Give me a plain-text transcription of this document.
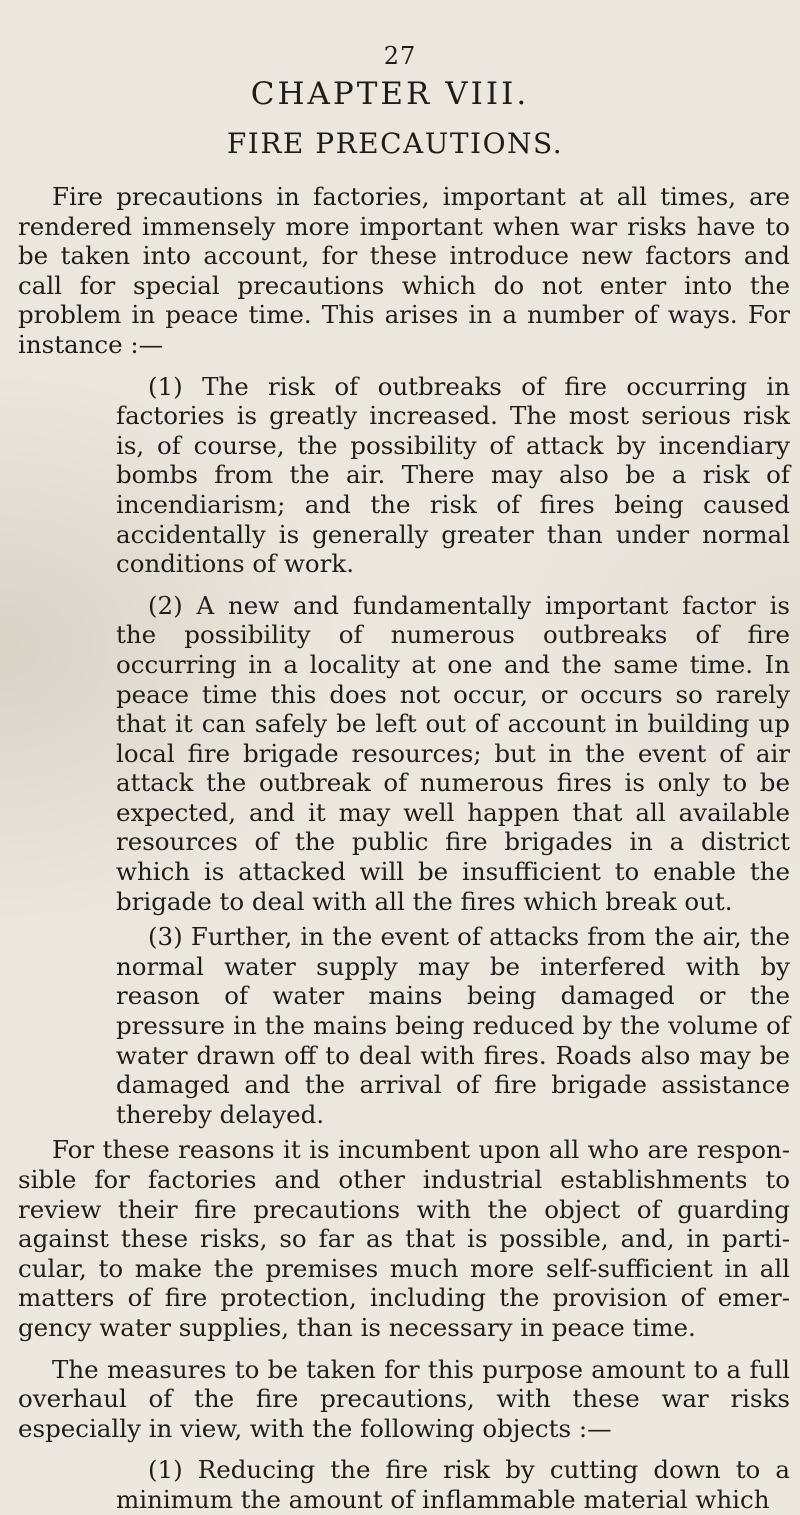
27
CHAPTER VIII.
FIRE PRECAUTIONS.

Fire precautions in factories, important at all times, are rendered immensely more important when war risks have to be taken into account, for these introduce new factors and call for special precautions which do not enter into the problem in peace time. This arises in a number of ways. For instance :—

(1) The risk of outbreaks of fire occurring in factories is greatly increased. The most serious risk is, of course, the possibility of attack by incendiary bombs from the air. There may also be a risk of incendiarism; and the risk of fires being caused accidentally is generally greater than under normal conditions of work.

(2) A new and fundamentally important factor is the possibility of numerous outbreaks of fire occurring in a locality at one and the same time. In peace time this does not occur, or occurs so rarely that it can safely be left out of account in building up local fire brigade resources; but in the event of air attack the outbreak of numerous fires is only to be expected, and it may well happen that all available resources of the public fire brigades in a district which is attacked will be insufficient to enable the brigade to deal with all the fires which break out.

(3) Further, in the event of attacks from the air, the normal water supply may be interfered with by reason of water mains being damaged or the pressure in the mains being reduced by the volume of water drawn off to deal with fires. Roads also may be damaged and the arrival of fire brigade assistance thereby delayed.

For these reasons it is incumbent upon all who are respon-sible for factories and other industrial establishments to review their fire precautions with the object of guarding against these risks, so far as that is possible, and, in parti-cular, to make the premises much more self-sufficient in all matters of fire protection, including the provision of emer-gency water supplies, than is necessary in peace time.

The measures to be taken for this purpose amount to a full overhaul of the fire precautions, with these war risks especially in view, with the following objects :—

(1) Reducing the fire risk by cutting down to a minimum the amount of inflammable material which
